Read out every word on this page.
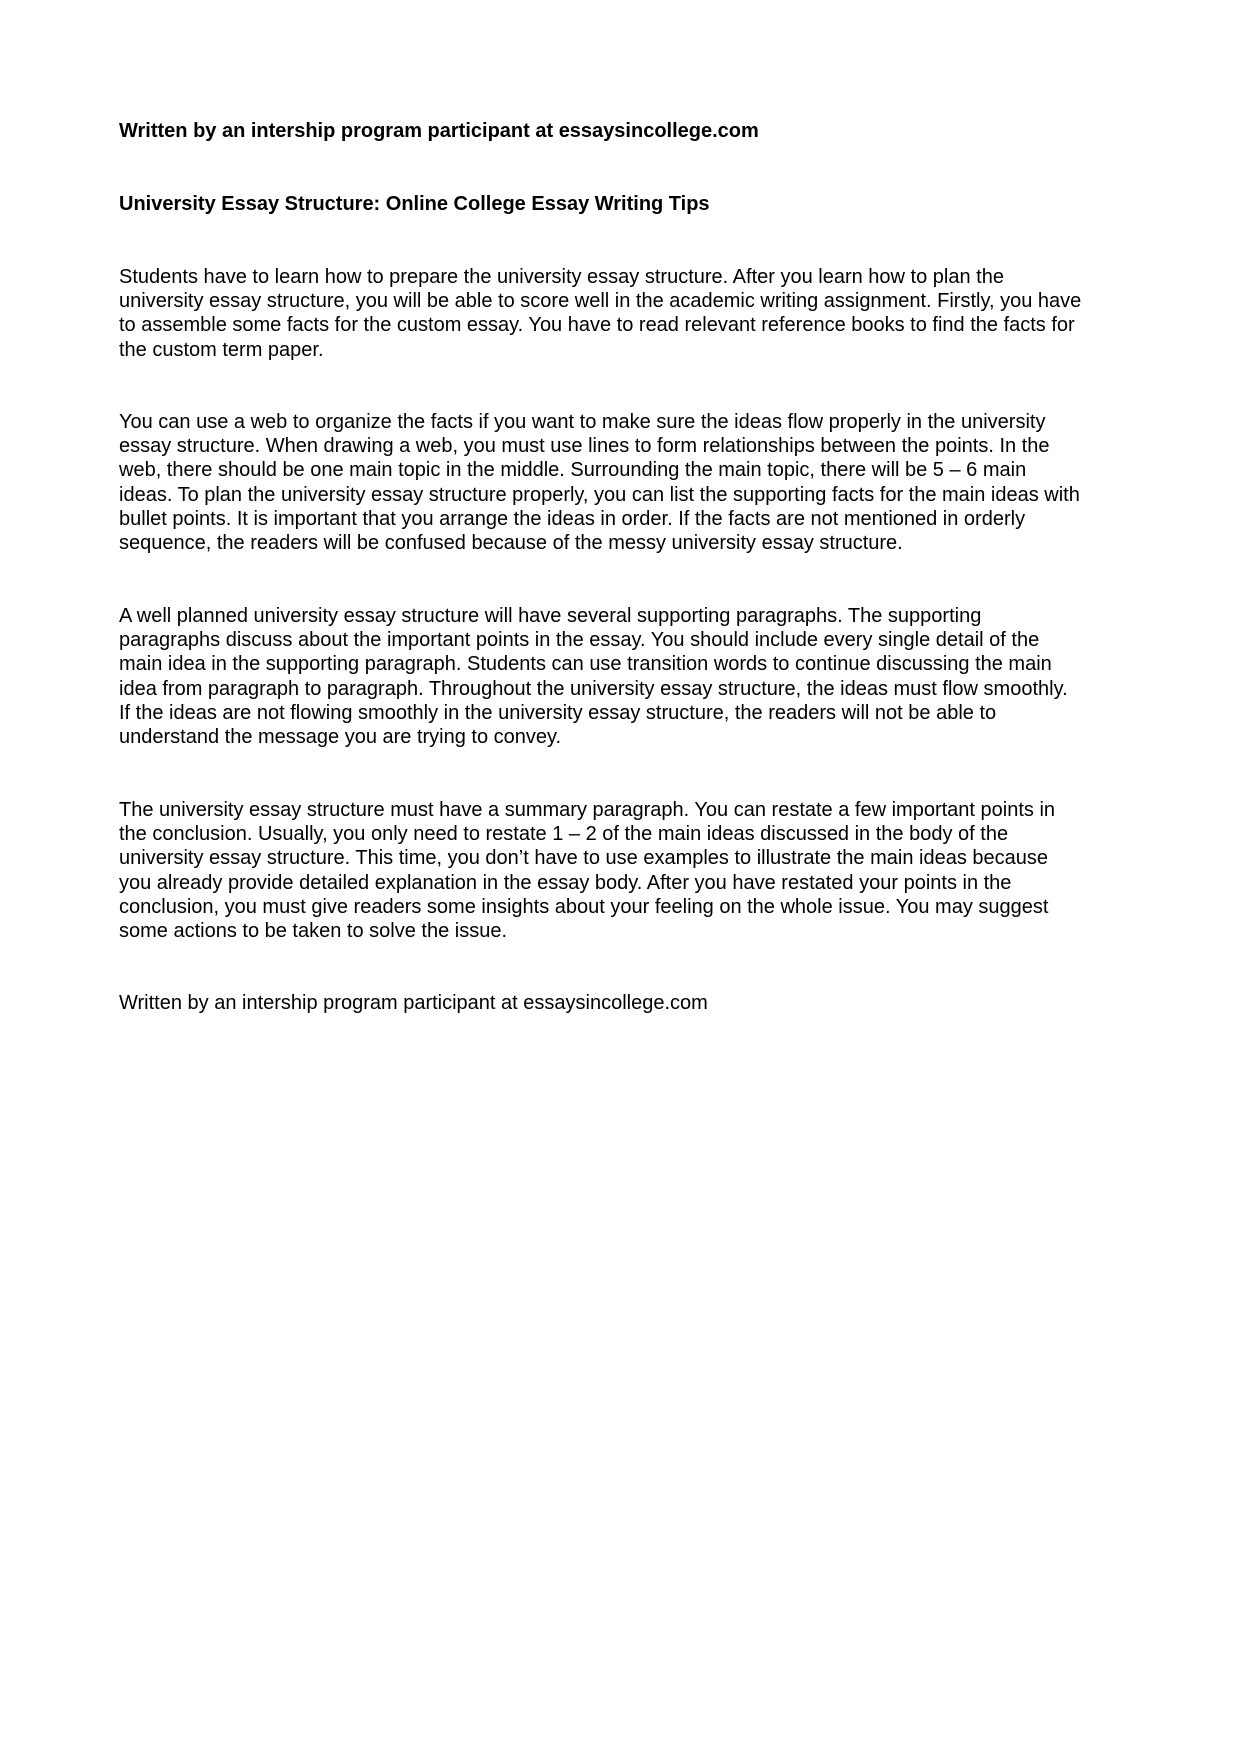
Written by an intership program participant at essaysincollege.com

University Essay Structure: Online College Essay Writing Tips

Students have to learn how to prepare the university essay structure. After you learn how to plan the
university essay structure, you will be able to score well in the academic writing assignment. Firstly, you have
to assemble some facts for the custom essay. You have to read relevant reference books to find the facts for
the custom term paper.

You can use a web to organize the facts if you want to make sure the ideas flow properly in the university
essay structure. When drawing a web, you must use lines to form relationships between the points. In the
web, there should be one main topic in the middle. Surrounding the main topic, there will be 5 – 6 main
ideas. To plan the university essay structure properly, you can list the supporting facts for the main ideas with
bullet points. It is important that you arrange the ideas in order. If the facts are not mentioned in orderly
sequence, the readers will be confused because of the messy university essay structure.

A well planned university essay structure will have several supporting paragraphs. The supporting
paragraphs discuss about the important points in the essay. You should include every single detail of the
main idea in the supporting paragraph. Students can use transition words to continue discussing the main
idea from paragraph to paragraph. Throughout the university essay structure, the ideas must flow smoothly.
If the ideas are not flowing smoothly in the university essay structure, the readers will not be able to
understand the message you are trying to convey.

The university essay structure must have a summary paragraph. You can restate a few important points in
the conclusion. Usually, you only need to restate 1 – 2 of the main ideas discussed in the body of the
university essay structure. This time, you don’t have to use examples to illustrate the main ideas because
you already provide detailed explanation in the essay body. After you have restated your points in the
conclusion, you must give readers some insights about your feeling on the whole issue. You may suggest
some actions to be taken to solve the issue.

Written by an intership program participant at essaysincollege.com
